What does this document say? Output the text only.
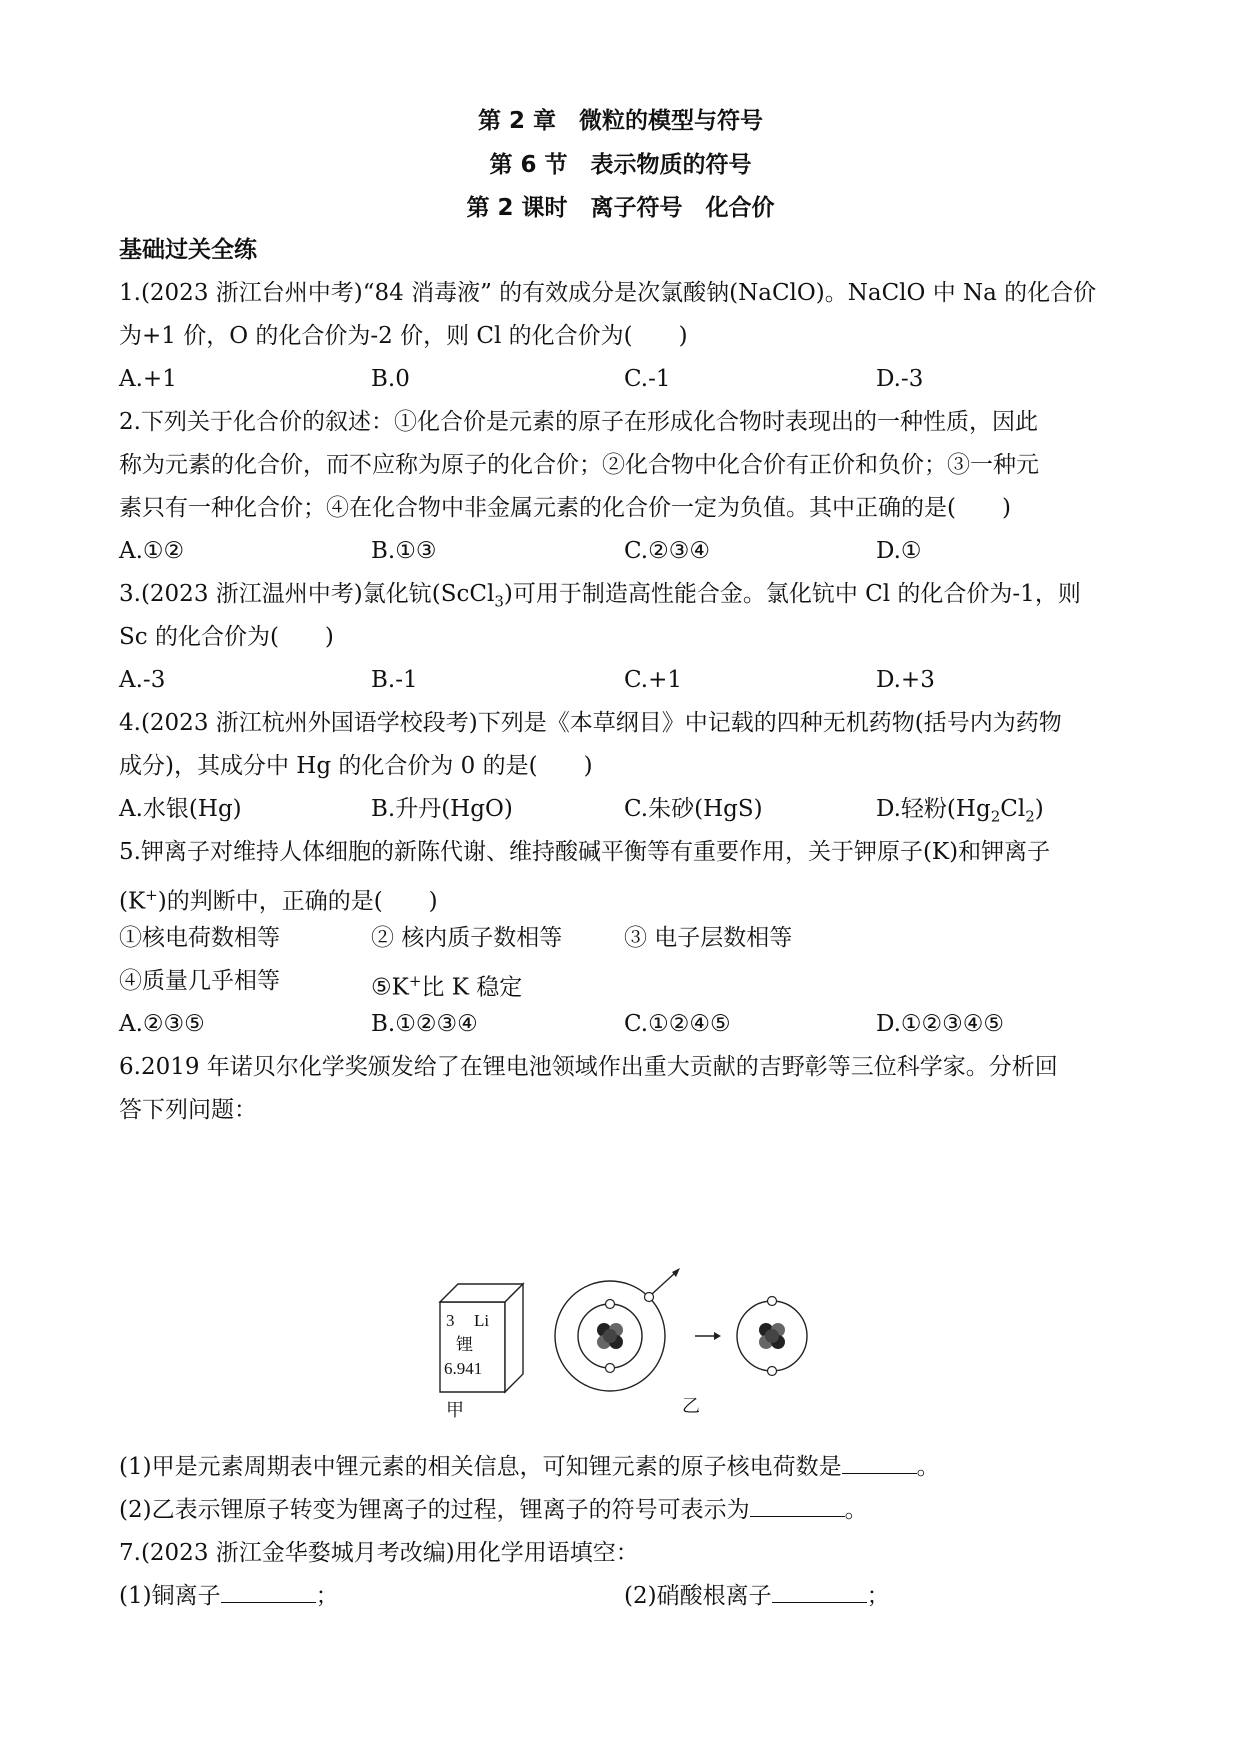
第 2 章　微粒的模型与符号
第 6 节　表示物质的符号
第 2 课时　离子符号　化合价
基础过关全练
1.(2023 浙江台州中考)“84 消毒液” 的有效成分是次氯酸钠(NaClO)。NaClO 中 Na 的化合价
为+1 价，O 的化合价为-2 价，则 Cl 的化合价为(　　)
A.+1	B.0	C.-1	D.-3
2.下列关于化合价的叙述：①化合价是元素的原子在形成化合物时表现出的一种性质，因此
称为元素的化合价，而不应称为原子的化合价；②化合物中化合价有正价和负价；③一种元
素只有一种化合价；④在化合物中非金属元素的化合价一定为负值。其中正确的是(　　)
A.①②	B.①③	C.②③④	D.①
3.(2023 浙江温州中考)氯化钪(ScCl$_3$)可用于制造高性能合金。氯化钪中 Cl 的化合价为-1，则
Sc 的化合价为(　　)
A.-3	B.-1	C.+1	D.+3
4.(2023 浙江杭州外国语学校段考)下列是《本草纲目》中记载的四种无机药物(括号内为药物
成分)，其成分中 Hg 的化合价为 0 的是(　　)
A.水银(Hg)	B.升丹(HgO)	C.朱砂(HgS)	D.轻粉$(Hg_2Cl_2)$
5.钾离子对维持人体细胞的新陈代谢、维持酸碱平衡等有重要作用，关于钾原子(K)和钾离子
(K+)的判断中，正确的是(　　)
①核电荷数相等	② 核内质子数相等	③ 电子层数相等
④质量几乎相等	⑤K+比 K 稳定
A.②③⑤	B.①②③④	C.①②④⑤	D.①②③④⑤
6.2019 年诺贝尔化学奖颁发给了在锂电池领域作出重大贡献的吉野彰等三位科学家。分析回
答下列问题：
3 Li
锂
6.941
甲	乙
(1)甲是元素周期表中锂元素的相关信息，可知锂元素的原子核电荷数是	。
(2)乙表示锂原子转变为锂离子的过程，锂离子的符号可表示为	。
7.(2023 浙江金华婺城月考改编)用化学用语填空：
(1)铜离子	；	(2)硝酸根离子	；
